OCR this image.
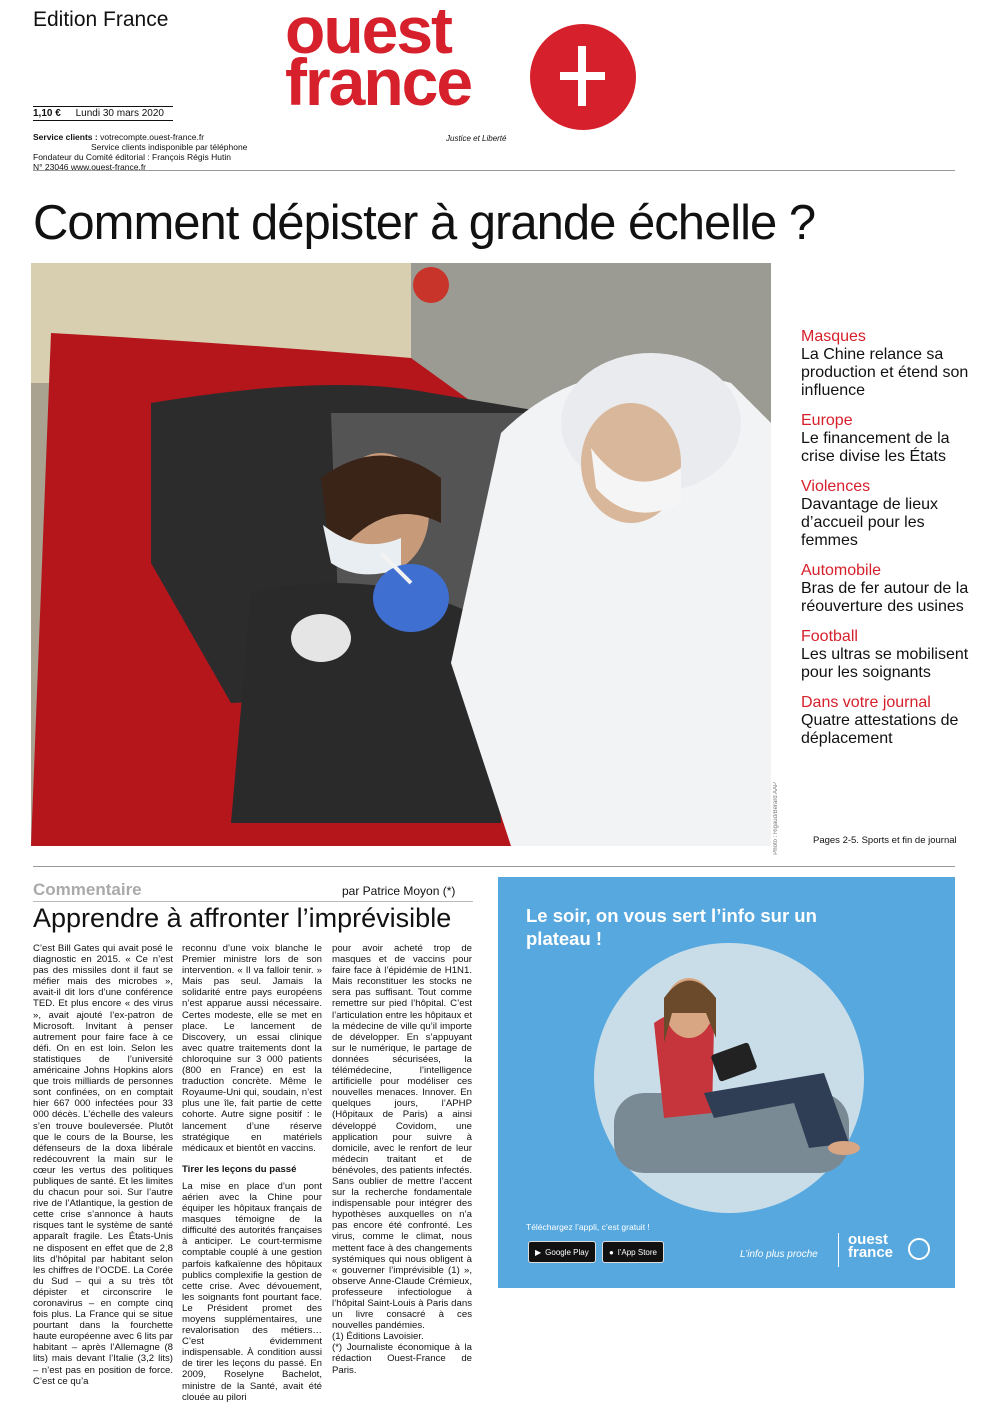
Edition France ouest
france
Justice et Liberté
1,10 € Lundi 30 mars 2020
Service clients : votrecompte.ouest-france.fr
Service clients indisponible par téléphone
Fondateur du Comité éditorial : François Régis Hutin
N° 23046 www.ouest-france.fr
Comment dépister à grande échelle ?
Photo : Rigaud/Bérard AAP
Masques
La Chine relance sa production et étend son influence
Europe
Le financement de la crise divise les États
Violences
Davantage de lieux d’accueil pour les femmes
Automobile
Bras de fer autour de la réouverture des usines
Football
Les ultras se mobilisent pour les soignants
Dans votre journal
Quatre attestations de déplacement
Pages 2-5. Sports et fin de journal
Commentaire	par Patrice Moyon (*)
Apprendre à affronter l’imprévisible

C’est Bill Gates qui avait posé le diagnostic en 2015. « Ce n’est pas des missiles dont il faut se méfier mais des microbes », avait-il dit lors d’une conférence TED. Et plus encore « des virus », avait ajouté l’ex-patron de Microsoft. Invitant à penser autrement pour faire face à ce défi. On en est loin. Selon les statistiques de l’université américaine Johns Hopkins alors que trois milliards de personnes sont confinées, on en comptait hier 667 000 infectées pour 33 000 décès. L’échelle des valeurs s’en trouve bouleversée. Plutôt que le cours de la Bourse, les défenseurs de la doxa libérale redécouvrent la main sur le cœur les vertus des politiques publiques de santé. Et les limites du chacun pour soi. Sur l’autre rive de l’Atlantique, la gestion de cette crise s’annonce à hauts risques tant le système de santé apparaît fragile. Les États-Unis ne disposent en effet que de 2,8 lits d’hôpital par habitant selon les chiffres de l’OCDE. La Corée du Sud – qui a su très tôt dépister et circonscrire le coronavirus – en compte cinq fois plus. La France qui se situe pourtant dans la fourchette haute européenne avec 6 lits par habitant – après l’Allemagne (8 lits) mais devant l’Italie (3,2 lits) – n’est pas en position de force. C’est ce qu’a

reconnu d’une voix blanche le Premier ministre lors de son intervention. « Il va falloir tenir. » Mais pas seul. Jamais la solidarité entre pays européens n’est apparue aussi nécessaire. Certes modeste, elle se met en place. Le lancement de Discovery, un essai clinique avec quatre traitements dont la chloroquine sur 3 000 patients (800 en France) en est la traduction concrète. Même le Royaume-Uni qui, soudain, n’est plus une île, fait partie de cette cohorte. Autre signe positif : le lancement d’une réserve stratégique en matériels médicaux et bientôt en vaccins.

Tirer les leçons du passé

La mise en place d’un pont aérien avec la Chine pour équiper les hôpitaux français de masques témoigne de la difficulté des autorités françaises à anticiper. Le court-termisme comptable couplé à une gestion parfois kafkaïenne des hôpitaux publics complexifie la gestion de cette crise. Avec dévouement, les soignants font pourtant face. Le Président promet des moyens supplémentaires, une revalorisation des métiers… C’est évidemment indispensable. À condition aussi de tirer les leçons du passé. En 2009, Roselyne Bachelot, ministre de la Santé, avait été clouée au pilori

pour avoir acheté trop de masques et de vaccins pour faire face à l’épidémie de H1N1. Mais reconstituer les stocks ne sera pas suffisant. Tout comme remettre sur pied l’hôpital. C’est l’articulation entre les hôpitaux et la médecine de ville qu’il importe de développer. En s’appuyant sur le numérique, le partage de données sécurisées, la télémédecine, l’intelligence artificielle pour modéliser ces nouvelles menaces. Innover. En quelques jours, l’APHP (Hôpitaux de Paris) a ainsi développé Covidom, une application pour suivre à domicile, avec le renfort de leur médecin traitant et de bénévoles, des patients infectés. Sans oublier de mettre l’accent sur la recherche fondamentale indispensable pour intégrer des hypothèses auxquelles on n’a pas encore été confronté. Les virus, comme le climat, nous mettent face à des changements systémiques qui nous obligent à « gouverner l’imprévisible (1) », observe Anne-Claude Crémieux, professeure infectiologue à l’hôpital Saint-Louis à Paris dans un livre consacré à ces nouvelles pandémies.

(1) Éditions Lavoisier.

(*) Journaliste économique à la rédaction Ouest-France de Paris.

Le soir, on vous sert l’info sur un plateau !
Téléchargez l’appli, c’est gratuit !
▶ Google Play	● l’App Store	L’info plus proche
ouest
france
